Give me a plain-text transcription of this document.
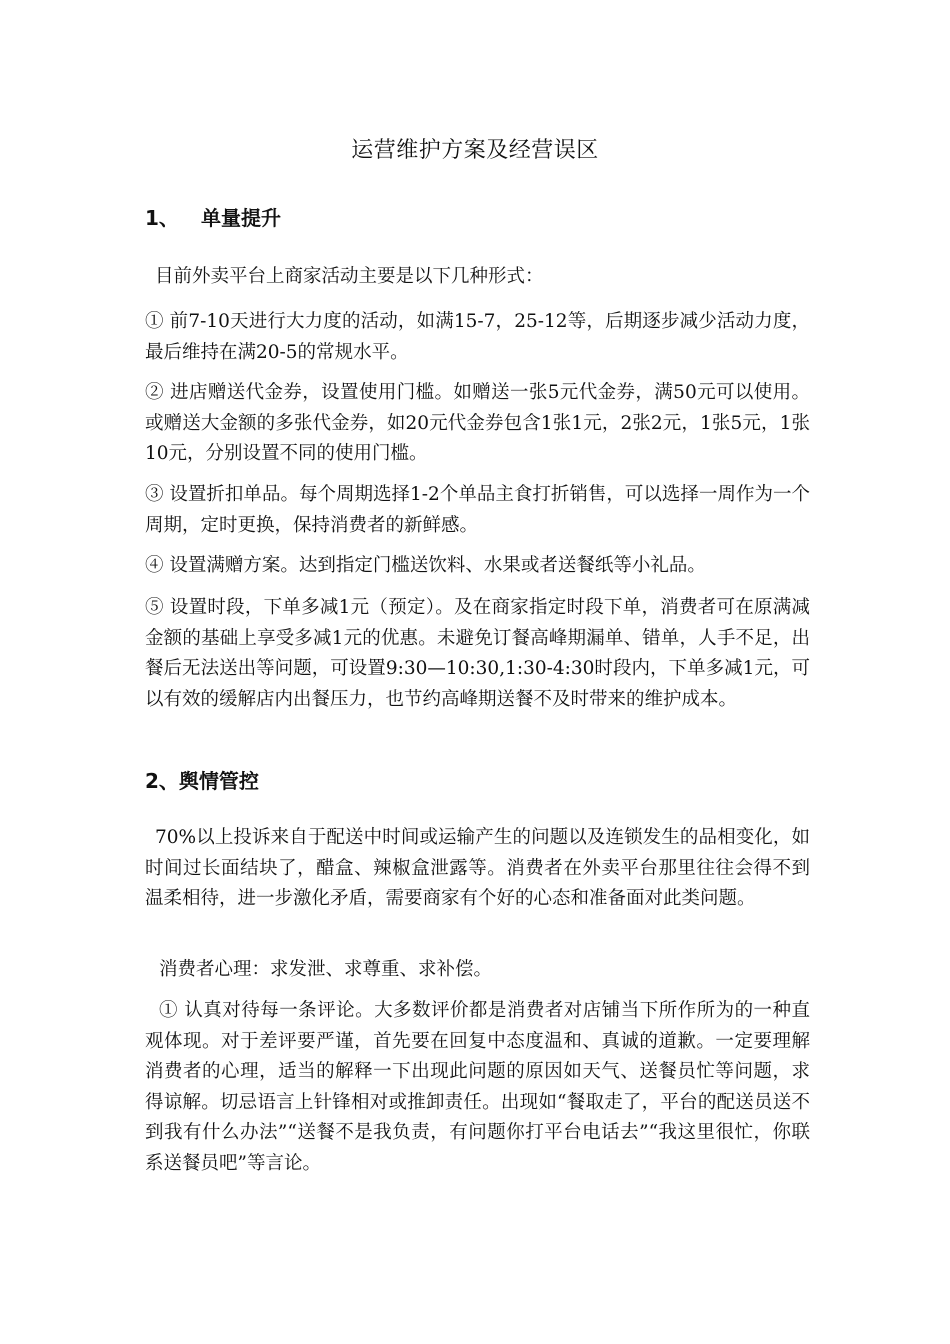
运营维护方案及经营误区
1、 单量提升

目前外卖平台上商家活动主要是以下几种形式：

① 前7-10天进行大力度的活动，如满15-7，25-12等，后期逐步减少活动力度，最后维持在满20-5的常规水平。

② 进店赠送代金券，设置使用门槛。如赠送一张5元代金券，满50元可以使用。或赠送大金额的多张代金券，如20元代金券包含1张1元，2张2元，1张5元，1张10元，分别设置不同的使用门槛。

③ 设置折扣单品。每个周期选择1-2个单品主食打折销售，可以选择一周作为一个周期，定时更换，保持消费者的新鲜感。

④ 设置满赠方案。达到指定门槛送饮料、水果或者送餐纸等小礼品。

⑤ 设置时段，下单多减1元（预定）。及在商家指定时段下单，消费者可在原满减金额的基础上享受多减1元的优惠。未避免订餐高峰期漏单、错单，人手不足，出餐后无法送出等问题，可设置9:30—10:30,1:30-4:30时段内，下单多减1元，可以有效的缓解店内出餐压力，也节约高峰期送餐不及时带来的维护成本。

2、舆情管控

70%以上投诉来自于配送中时间或运输产生的问题以及连锁发生的品相变化，如时间过长面结块了，醋盒、辣椒盒泄露等。消费者在外卖平台那里往往会得不到温柔相待，进一步激化矛盾，需要商家有个好的心态和准备面对此类问题。

消费者心理：求发泄、求尊重、求补偿。

① 认真对待每一条评论。大多数评价都是消费者对店铺当下所作所为的一种直观体现。对于差评要严谨，首先要在回复中态度温和、真诚的道歉。一定要理解消费者的心理，适当的解释一下出现此问题的原因如天气、送餐员忙等问题，求得谅解。切忌语言上针锋相对或推卸责任。出现如“餐取走了，平台的配送员送不到我有什么办法”“送餐不是我负责，有问题你打平台电话去”“我这里很忙，你联系送餐员吧”等言论。
